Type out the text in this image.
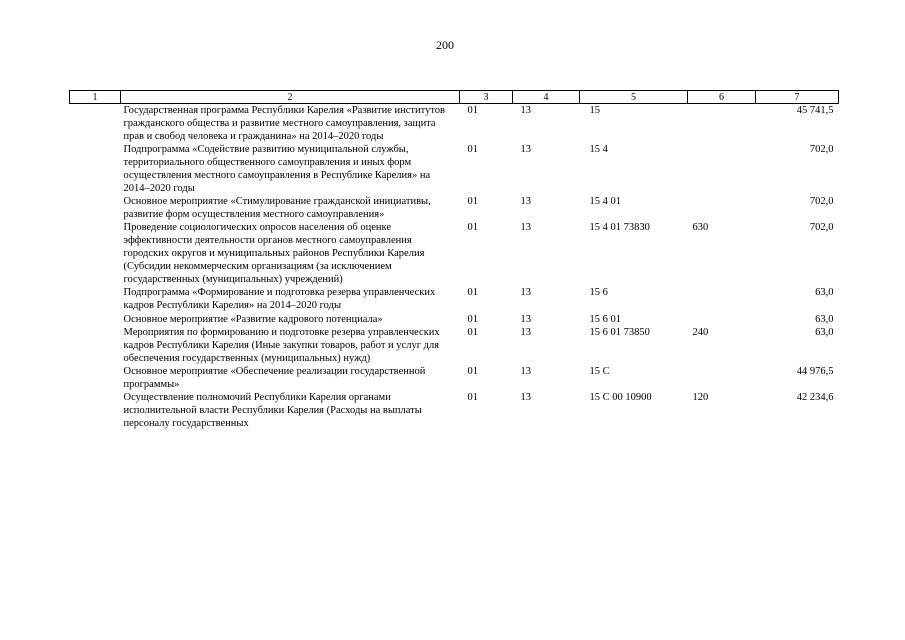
200
1	2	3	4	5	6	7
	Государственная программа Республики Карелия «Развитие институтов гражданского общества и развитие местного самоуправления, защита прав и свобод человека и гражданина» на 2014–2020 годы	01	13	15		45 741,5
	Подпрограмма «Содействие развитию муниципальной службы, территориального общественного самоуправления и иных форм осуществления местного самоуправления в Республике Карелия» на 2014–2020 годы	01	13	15 4		702,0
	Основное мероприятие «Стимулирование гражданской инициативы, развитие форм осуществления местного самоуправления»	01	13	15 4 01		702,0
	Проведение социологических опросов населения об оценке эффективности деятельности органов местного самоуправления городских округов и муниципальных районов Республики Карелия (Субсидии некоммерческим организациям (за исключением государственных (муниципальных) учреждений)	01	13	15 4 01 73830	630	702,0
	Подпрограмма «Формирование и подготовка резерва управленческих кадров Республики Карелия» на 2014–2020 годы	01	13	15 6		63,0
	Основное мероприятие «Развитие кадрового потенциала»	01	13	15 6 01		63,0
	Мероприятия по формированию и подготовке резерва управленческих кадров Республики Карелия (Иные закупки товаров, работ и услуг для обеспечения государственных (муниципальных) нужд)	01	13	15 6 01 73850	240	63,0
	Основное мероприятие «Обеспечение реализации государственной программы»	01	13	15 С		44 976,5
	Осуществление полномочий Республики Карелия органами исполнительной власти Республики Карелия (Расходы на выплаты персоналу государственных	01	13	15 С 00 10900	120	42 234,6
